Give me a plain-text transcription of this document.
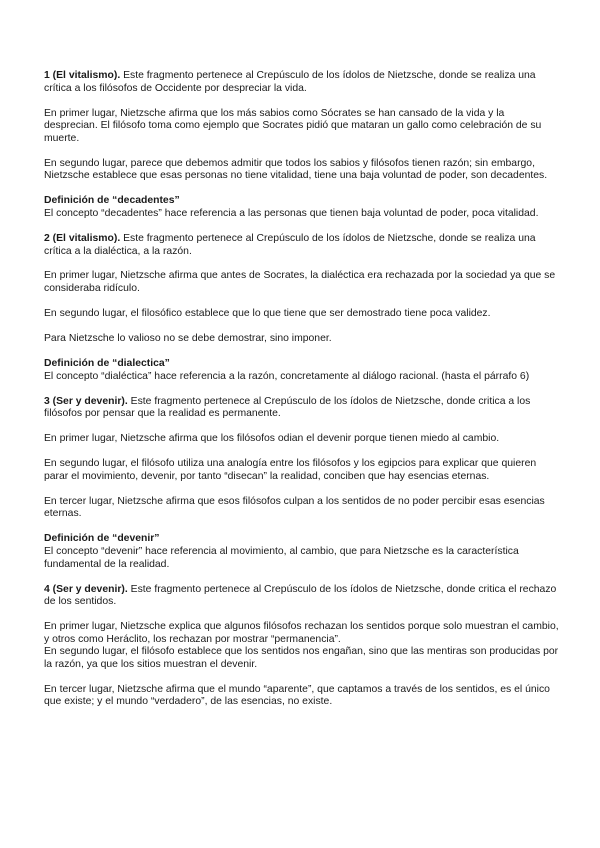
1 (El vitalismo). Este fragmento pertenece al Crepúsculo de los ídolos de Nietzsche, donde se realiza una crítica a los filósofos de Occidente por despreciar la vida.

En primer lugar, Nietzsche afirma que los más sabios como Sócrates se han cansado de la vida y la desprecian. El filósofo toma como ejemplo que Socrates pidió que mataran un gallo como celebración de su muerte.

En segundo lugar, parece que debemos admitir que todos los sabios y filósofos tienen razón; sin embargo, Nietzsche establece que esas personas no tiene vitalidad, tiene una baja voluntad de poder, son decadentes.

Definición de “decadentes”
El concepto “decadentes” hace referencia a las personas que tienen baja voluntad de poder, poca vitalidad.

2 (El vitalismo). Este fragmento pertenece al Crepúsculo de los ídolos de Nietzsche, donde se realiza una crítica a la dialéctica, a la razón.

En primer lugar, Nietzsche afirma que antes de Socrates, la dialéctica era rechazada por la sociedad ya que se consideraba ridículo.

En segundo lugar, el filosófico establece que lo que tiene que ser demostrado tiene poca validez.

Para Nietzsche lo valioso no se debe demostrar, sino imponer.

Definición de “dialectica”
El concepto “dialéctica” hace referencia a la razón, concretamente al diálogo racional. (hasta el párrafo 6)

3 (Ser y devenir). Este fragmento pertenece al Crepúsculo de los ídolos de Nietzsche, donde critica a los filósofos por pensar que la realidad es permanente.

En primer lugar, Nietzsche afirma que los filósofos odian el devenir porque tienen miedo al cambio.

En segundo lugar, el filósofo utiliza una analogía entre los filósofos y los egipcios para explicar que quieren parar el movimiento, devenir, por tanto “disecan” la realidad, conciben que hay esencias eternas.

En tercer lugar, Nietzsche afirma que esos filósofos culpan a los sentidos de no poder percibir esas esencias eternas.

Definición de “devenir”
El concepto “devenir” hace referencia al movimiento, al cambio, que para Nietzsche es la característica fundamental de la realidad.

4 (Ser y devenir). Este fragmento pertenece al Crepúsculo de los ídolos de Nietzsche, donde critica el rechazo de los sentidos.

En primer lugar, Nietzsche explica que algunos filósofos rechazan los sentidos porque solo muestran el cambio, y otros como Heráclito, los rechazan por mostrar “permanencia”.

En segundo lugar, el filósofo establece que los sentidos nos engañan, sino que las mentiras son producidas por la razón, ya que los sitios muestran el devenir.

En tercer lugar, Nietzsche afirma que el mundo “aparente”, que captamos a través de los sentidos, es el único que existe; y el mundo “verdadero”, de las esencias, no existe.
